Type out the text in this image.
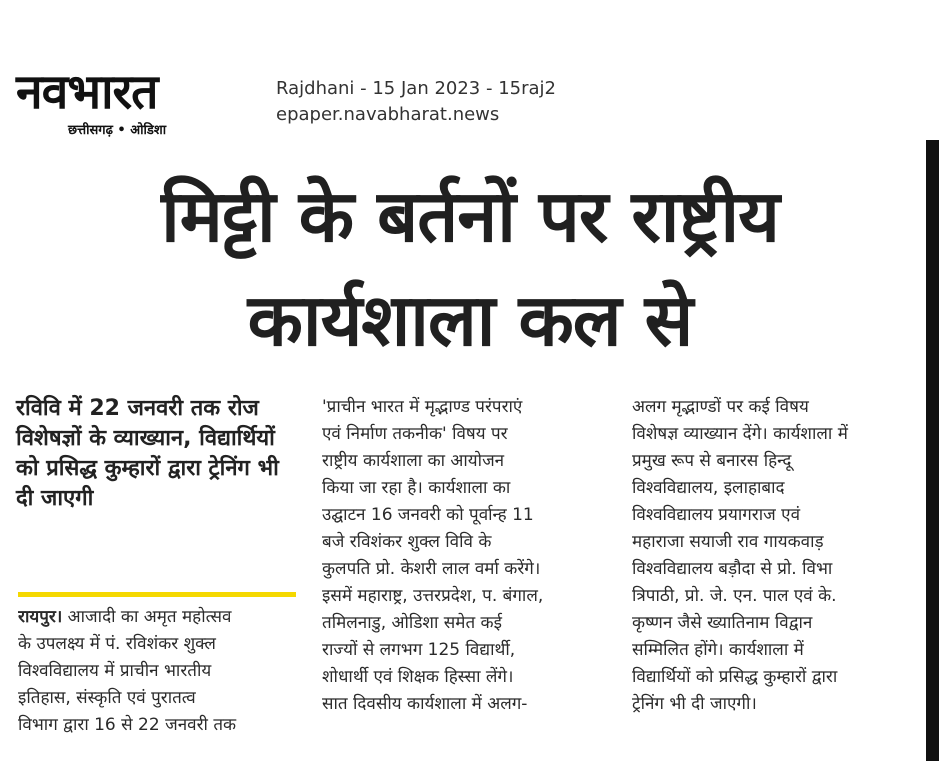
नवभारत
छत्तीसगढ़ • ओडिशा
Rajdhani - 15 Jan 2023 - 15raj2
epaper.navabharat.news
मिट्टी के बर्तनों पर राष्ट्रीय
कार्यशाला कल से
रविवि में 22 जनवरी तक रोज विशेषज्ञों के व्याख्यान, विद्यार्थियों को प्रसिद्ध कुम्हारों द्वारा ट्रेनिंग भी दी जाएगी
रायपुर। आजादी का अमृत महोत्सव
के उपलक्ष्य में पं. रविशंकर शुक्ल
विश्वविद्यालय में प्राचीन भारतीय
इतिहास, संस्कृति एवं पुरातत्व
विभाग द्वारा 16 से 22 जनवरी तक
'प्राचीन भारत में मृद्भाण्ड परंपराएं
एवं निर्माण तकनीक' विषय पर
राष्ट्रीय कार्यशाला का आयोजन
किया जा रहा है। कार्यशाला का
उद्घाटन 16 जनवरी को पूर्वान्ह 11
बजे रविशंकर शुक्ल विवि के
कुलपति प्रो. केशरी लाल वर्मा करेंगे।
इसमें महाराष्ट्र, उत्तरप्रदेश, प. बंगाल,
तमिलनाडु, ओडिशा समेत कई
राज्यों से लगभग 125 विद्यार्थी,
शोधार्थी एवं शिक्षक हिस्सा लेंगे।
सात दिवसीय कार्यशाला में अलग-
अलग मृद्भाण्डों पर कई विषय
विशेषज्ञ व्याख्यान देंगे। कार्यशाला में
प्रमुख रूप से बनारस हिन्दू
विश्वविद्यालय, इलाहाबाद
विश्वविद्यालय प्रयागराज एवं
महाराजा सयाजी राव गायकवाड़
विश्वविद्यालय बड़ौदा से प्रो. विभा
त्रिपाठी, प्रो. जे. एन. पाल एवं के.
कृष्णन जैसे ख्यातिनाम विद्वान
सम्मिलित होंगे। कार्यशाला में
विद्यार्थियों को प्रसिद्ध कुम्हारों द्वारा
ट्रेनिंग भी दी जाएगी।
